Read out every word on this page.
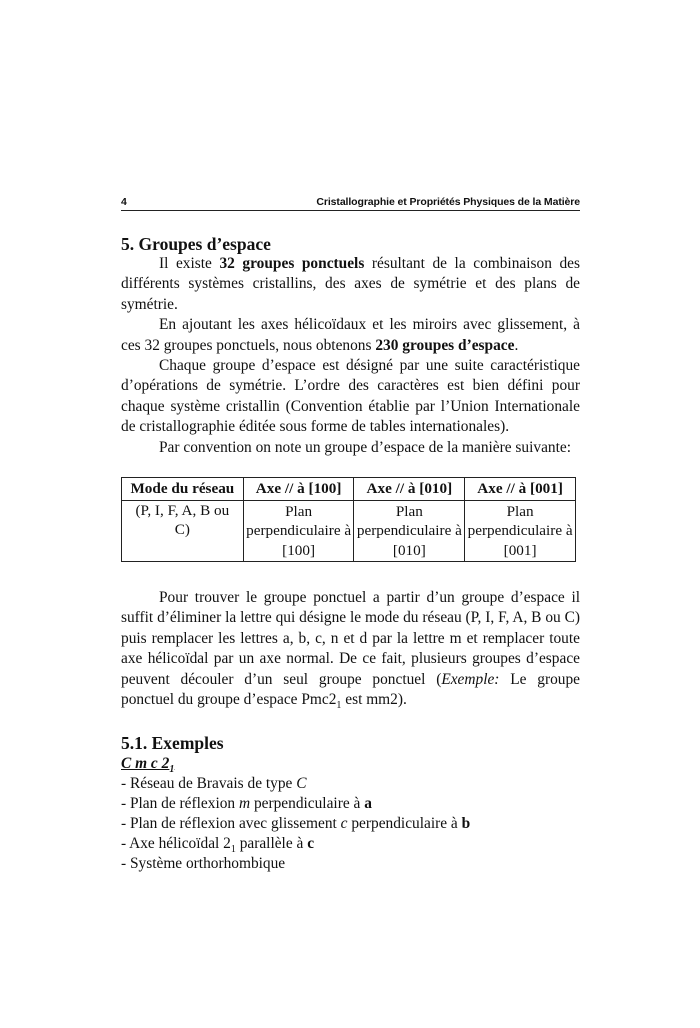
4	Cristallographie et Propriétés Physiques de la Matière
5. Groupes d’espace

Il existe 32 groupes ponctuels résultant de la combinaison des différents systèmes cristallins, des axes de symétrie et des plans de symétrie.

En ajoutant les axes hélicoïdaux et les miroirs avec glissement, à ces 32 groupes ponctuels, nous obtenons 230 groupes d’espace.

Chaque groupe d’espace est désigné par une suite caractéristique d’opérations de symétrie. L’ordre des caractères est bien défini pour chaque système cristallin (Convention établie par l’Union Internationale de cristallographie éditée sous forme de tables internationales).

Par convention on note un groupe d’espace de la manière suivante:

Mode du réseau	Axe // à [100]	Axe // à [010]	Axe // à [001]
(P, I, F, A, B ou C)	Plan perpendiculaire à [100]	Plan perpendiculaire à [010]	Plan perpendiculaire à [001]

Pour trouver le groupe ponctuel a partir d’un groupe d’espace il suffit d’éliminer la lettre qui désigne le mode du réseau (P, I, F, A, B ou C) puis remplacer les lettres a, b, c, n et d par la lettre m et remplacer toute axe hélicoïdal par un axe normal. De ce fait, plusieurs groupes d’espace peuvent découler d’un seul groupe ponctuel (Exemple: Le groupe ponctuel du groupe d’espace $Pmc2_1$ est mm2).

5.1. Exemples
C m c $2_1$
- Réseau de Bravais de type C
- Plan de réflexion m perpendiculaire à a
- Plan de réflexion avec glissement c perpendiculaire à b
- Axe hélicoïdal $2_1$ parallèle à c
- Système orthorhombique
